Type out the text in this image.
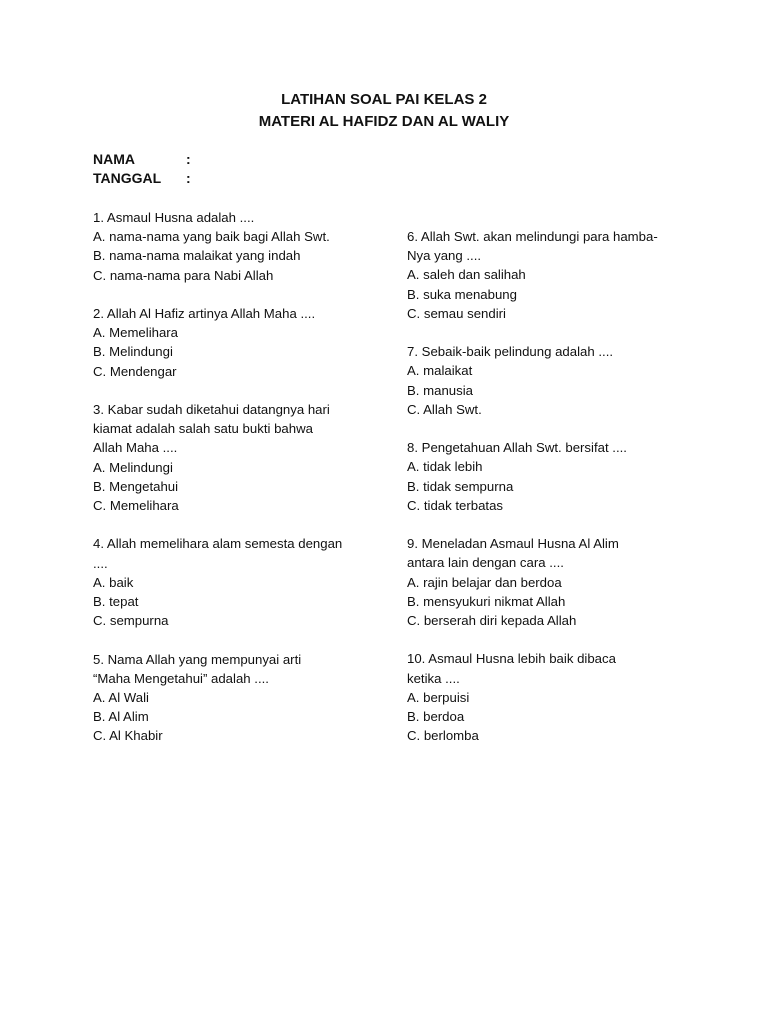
LATIHAN SOAL PAI KELAS 2
MATERI AL HAFIDZ DAN AL WALIY
NAMA	:
TANGGAL :
1. Asmaul Husna adalah ....
A. nama-nama yang baik bagi Allah Swt.
B. nama-nama malaikat yang indah
C. nama-nama para Nabi Allah
2. Allah Al Hafiz artinya Allah Maha ....
A. Memelihara
B. Melindungi
C. Mendengar
3. Kabar sudah diketahui datangnya hari
kiamat adalah salah satu bukti bahwa
Allah Maha ....
A. Melindungi
B. Mengetahui
C. Memelihara
4. Allah memelihara alam semesta dengan
....
A. baik
B. tepat
C. sempurna
5. Nama Allah yang mempunyai arti
“Maha Mengetahui” adalah ....
A. Al Wali
B. Al Alim
C. Al Khabir
6. Allah Swt. akan melindungi para hamba-
Nya yang ....
A. saleh dan salihah
B. suka menabung
C. semau sendiri
7. Sebaik-baik pelindung adalah ....
A. malaikat
B. manusia
C. Allah Swt.
8. Pengetahuan Allah Swt. bersifat ....
A. tidak lebih
B. tidak sempurna
C. tidak terbatas
9. Meneladan Asmaul Husna Al Alim
antara lain dengan cara ....
A. rajin belajar dan berdoa
B. mensyukuri nikmat Allah
C. berserah diri kepada Allah
10. Asmaul Husna lebih baik dibaca
ketika ....
A. berpuisi
B. berdoa
C. berlomba
